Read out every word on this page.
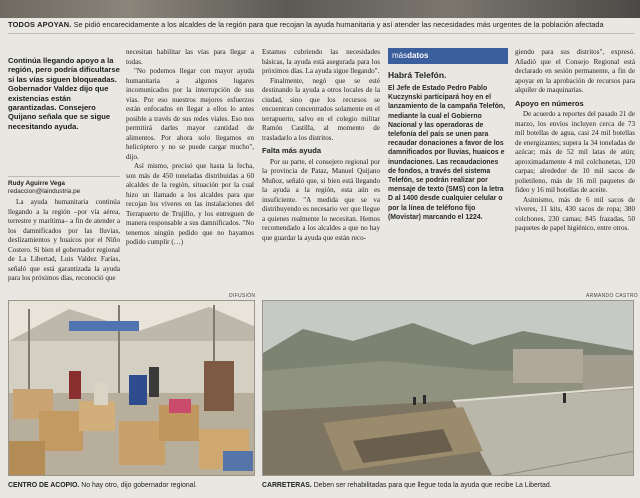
TODOS APOYAN. Se pidió encarecidamente a los alcaldes de la región para que recojan la ayuda humanitaria y así atender las necesidades más urgentes de la población afectada
Continúa llegando apoyo a la región, pero podría dificultarse si las vías siguen bloqueadas. Gobernador Valdez dijo que existencias están garantizadas. Consejero Quijano señala que se sigue necesitando ayuda.
Rudy Aguirre Vega
redaccion@laindustria.pe

La ayuda humanitaria continúa llegando a la región –por vía aérea, terrestre y marítima– a fin de atender a los damnificados por las lluvias, deslizamientos y huaicos por el Niño Costero. Si bien el gobernador regional de La Libertad, Luis Valdez Farías, señaló que está garantizada la ayuda para los próximos días, reconoció que

necesitan habilitar las vías para llegar a todas.

"No podemos llegar con mayor ayuda humanitaria a algunos lugares incomunicados por la interrupción de sus vías. Por eso nuestros mejores esfuerzos están enfocados en llegar a ellos lo antes posible a través de sus redes viales. Eso nos permitirá darles mayor cantidad de alimentos. Por ahora solo llegamos en helicóptero y no se puede cargar mucho", dijo.

Así mismo, precisó que hasta la fecha, son más de 450 toneladas distribuidas a 60 alcaldes de la región, situación por la cual hizo un llamado a los alcaldes para que recojan los víveres en las instalaciones del Terrapuerto de Trujillo, y los entreguen de manera responsable a sus damnificados. "No tenemos ningún pedido que no hayamos podido cumplir (…)

Estamos cubriendo las necesidades básicas, la ayuda está asegurada para los próximos días. La ayuda sigue llegando".

Finalmente, negó que se esté destinando la ayuda a otros locales de la ciudad, sino que los recursos se encuentran concentrados solamente en el terrapuerto, salvo en el colegio militar Ramón Castilla, al momento de trasladarlo a los distritos.

Falta más ayuda

Por su parte, el consejero regional por la provincia de Pataz, Manuel Quijano Muñoz, señaló que, si bien está llegando la ayuda a la región, esta aún es insuficiente. "A medida que se va distribuyendo es necesario ver que llegue a quienes realmente lo necesitan. Hemos recomendado a los alcaldes a que no hay que guardar la ayuda que están reco-

másdatos
Habrá Telefón.
El Jefe de Estado Pedro Pablo Kuczynski participará hoy en el lanzamiento de la campaña Telefón, mediante la cual el Gobierno Nacional y las operadoras de telefonía del país se unen para recaudar donaciones a favor de los damnificados por lluvias, huaicos e inundaciones. Las recaudaciones de fondos, a través del sistema Telefón, se podrán realizar por mensaje de texto (SMS) con la letra D al 1400 desde cualquier celular o por la línea de teléfono fijo (Movistar) marcando el 1224.

giendo para sus distritos", expresó. Añadió que el Consejo Regional está declarado en sesión permanente, a fin de apoyar en la aprobación de recursos para alquiler de maquinarias.

Apoyo en números

De acuerdo a reportes del pasado 21 de marzo, los envíos incluyen cerca de 73 mil botellas de agua, casi 24 mil botellas de energizantes; supera la 34 toneladas de azúcar; más de 52 mil latas de atún; aproximadamente 4 mil colchonetas, 120 carpas; alrededor de 10 mil sacos de polietileno, más de 16 mil paquetes de fideo y 16 mil botellas de aceite.

Asimismo, más de 6 mil sacos de víveres, 11 kits, 430 sacos de ropa; 380 colchones, 230 camas; 845 frazadas, 50 paquetes de papel higiénico, entre otros.

DIFUSIÓN	ARMANDO CASTRO
CENTRO DE ACOPIO. No hay otro, dijo gobernador regional.	CARRETERAS. Deben ser rehabilitadas para que llegue toda la ayuda que recibe La Libertad.
